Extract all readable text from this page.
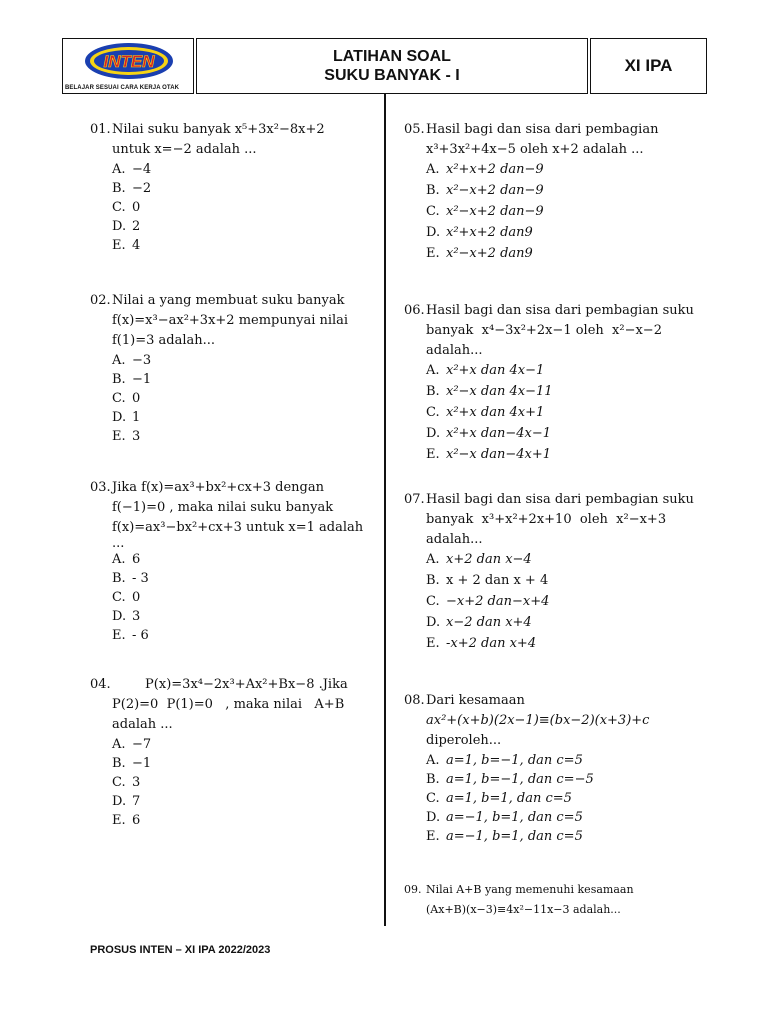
INTEN
BELAJAR SESUAI CARA KERJA OTAK
LATIHAN SOAL
SUKU BANYAK - I
XI IPA
01. Nilai suku banyak x⁵+3x²−8x+2
untuk x=−2 adalah ...
A. −4
B. −2
C. 0
D. 2
E. 4
02. Nilai a yang membuat suku banyak
f(x)=x³−ax²+3x+2 mempunyai nilai
f(1)=3 adalah...
A. −3
B. −1
C. 0
D. 1
E. 3
03. Jika f(x)=ax³+bx²+cx+3 dengan
f(−1)=0 , maka nilai suku banyak
f(x)=ax³−bx²+cx+3 untuk x=1 adalah
...
A. 6
B. - 3
C. 0
D. 3
E. - 6
04. P(x)=3x⁴−2x³+Ax²+Bx−8 .Jika
P(2)=0  P(1)=0   , maka nilai   A+B
adalah ...
A. −7
B. −1
C. 3
D. 7
E. 6
05. Hasil bagi dan sisa dari pembagian
x³+3x²+4x−5 oleh x+2 adalah ...
A. x²+x+2 dan−9
B. x²−x+2 dan−9
C. x²−x+2 dan−9
D. x²+x+2 dan9
E. x²−x+2 dan9
06. Hasil bagi dan sisa dari pembagian suku
banyak  x⁴−3x²+2x−1 oleh  x²−x−2
adalah...
A. x²+x dan 4x−1
B. x²−x dan 4x−11
C. x²+x dan 4x+1
D. x²+x dan−4x−1
E. x²−x dan−4x+1
07. Hasil bagi dan sisa dari pembagian suku
banyak  x³+x²+2x+10  oleh  x²−x+3
adalah...
A. x+2 dan x−4
B. x + 2 dan x + 4
C. −x+2 dan−x+4
D. x−2 dan x+4
E. -x+2 dan x+4
08. Dari kesamaan
ax²+(x+b)(2x−1)≡(bx−2)(x+3)+c
diperoleh...
A. a=1, b=−1, dan c=5
B. a=1, b=−1, dan c=−5
C. a=1, b=1, dan c=5
D. a=−1, b=1, dan c=5
E. a=−1, b=1, dan c=5
09. Nilai A+B yang memenuhi kesamaan
(Ax+B)(x−3)≡4x²−11x−3 adalah...
PROSUS INTEN – XI IPA 2022/2023
